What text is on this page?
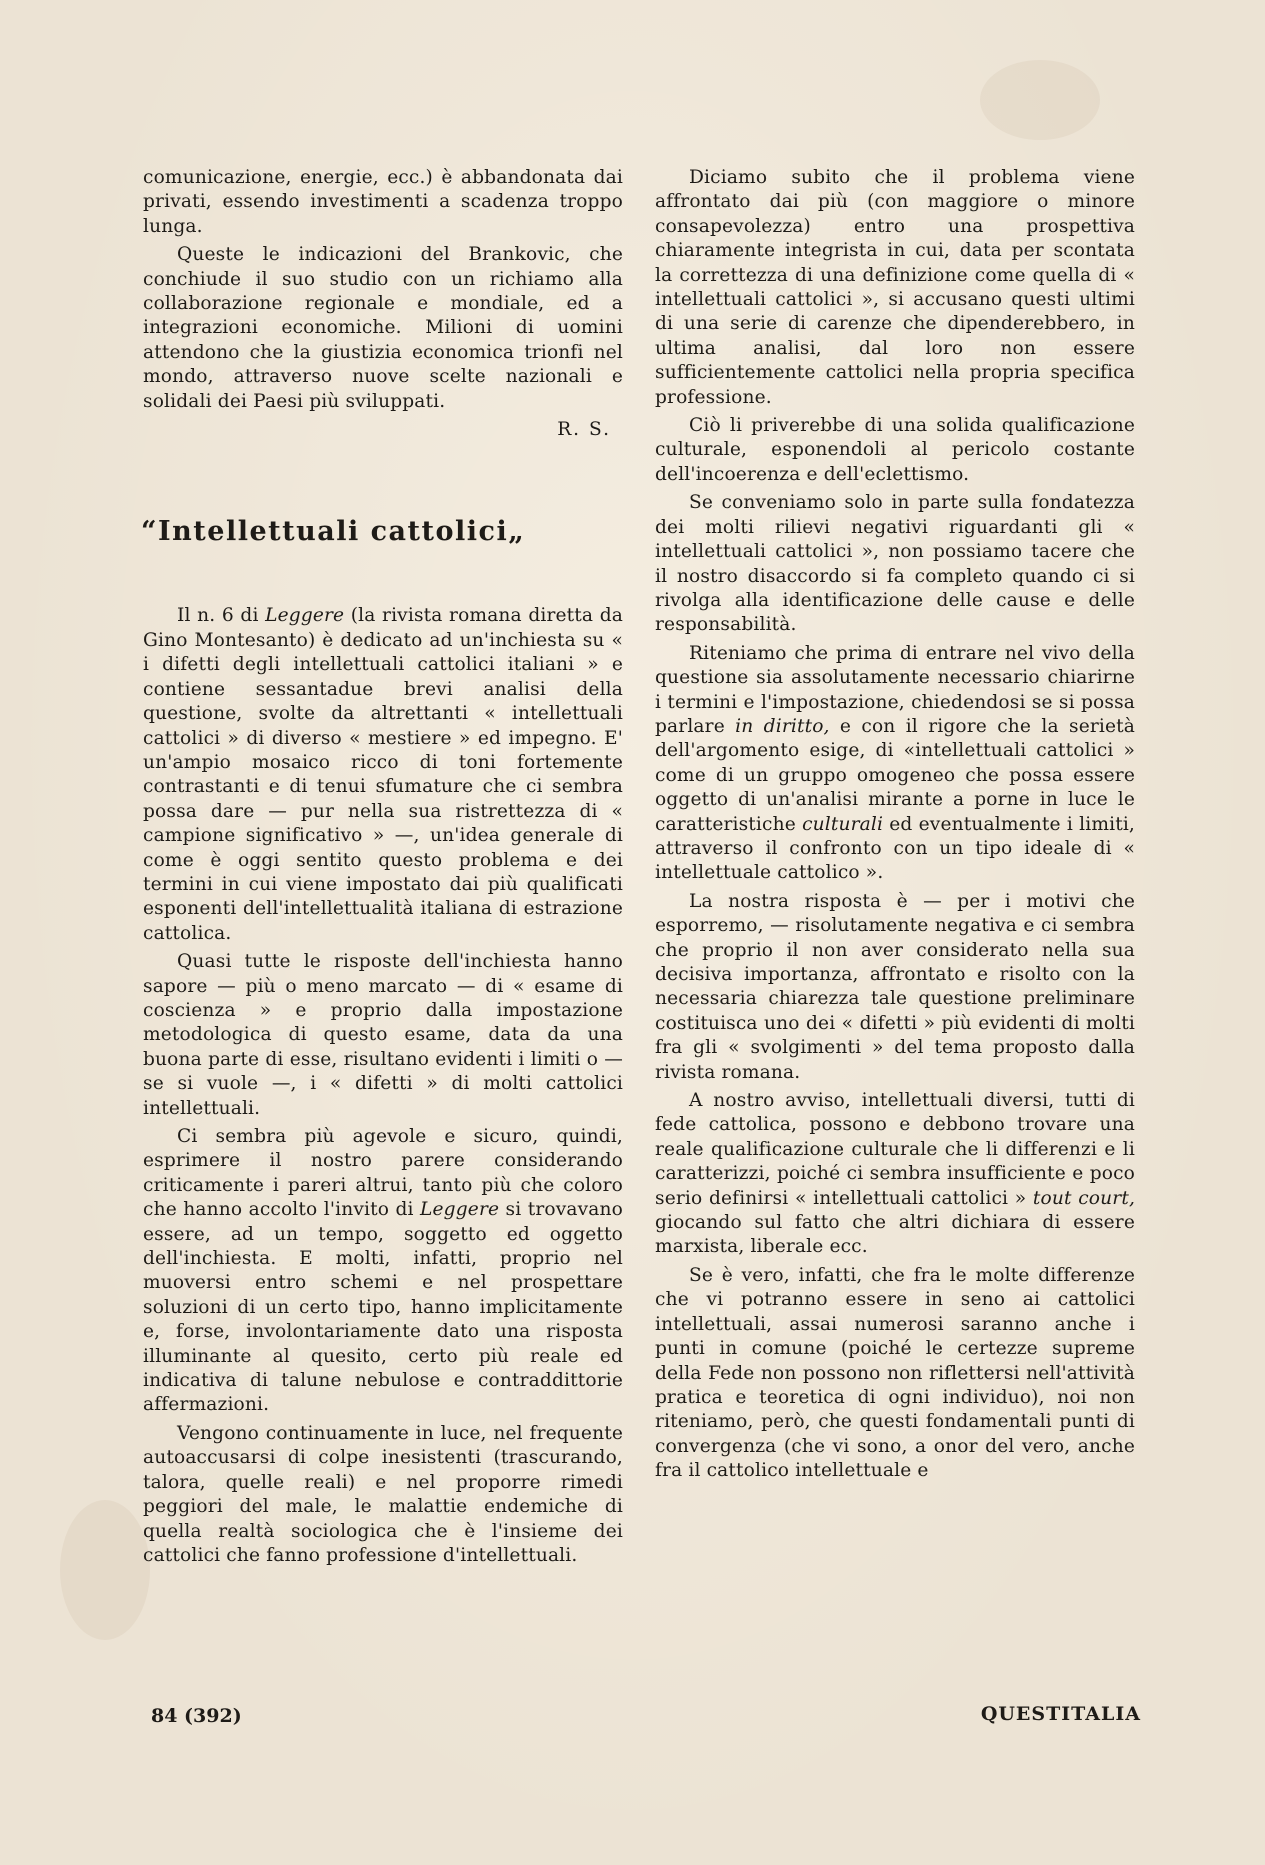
comunicazione, energie, ecc.) è abbandonata dai privati, essendo investimenti a scadenza troppo lunga.

Queste le indicazioni del Brankovic, che conchiude il suo studio con un richiamo alla collaborazione regionale e mondiale, ed a integrazioni economiche. Milioni di uomini attendono che la giustizia economica trionfi nel mondo, attraverso nuove scelte nazionali e solidali dei Paesi più sviluppati.

R. S.
“Intellettuali cattolici„

Il n. 6 di Leggere (la rivista romana diretta da Gino Montesanto) è dedicato ad un'inchiesta su « i difetti degli intellettuali cattolici italiani » e contiene sessantadue brevi analisi della questione, svolte da altrettanti « intellettuali cattolici » di diverso « mestiere » ed impegno. E' un'ampio mosaico ricco di toni fortemente contrastanti e di tenui sfumature che ci sembra possa dare — pur nella sua ristrettezza di « campione significativo » —, un'idea generale di come è oggi sentito questo problema e dei termini in cui viene impostato dai più qualificati esponenti dell'intellettualità italiana di estrazione cattolica.

Quasi tutte le risposte dell'inchiesta hanno sapore — più o meno marcato — di « esame di coscienza » e proprio dalla impostazione metodologica di questo esame, data da una buona parte di esse, risultano evidenti i limiti o — se si vuole —, i « difetti » di molti cattolici intellettuali.

Ci sembra più agevole e sicuro, quindi, esprimere il nostro parere considerando criticamente i pareri altrui, tanto più che coloro che hanno accolto l'invito di Leggere si trovavano essere, ad un tempo, soggetto ed oggetto dell'inchiesta. E molti, infatti, proprio nel muoversi entro schemi e nel prospettare soluzioni di un certo tipo, hanno implicitamente e, forse, involontariamente dato una risposta illuminante al quesito, certo più reale ed indicativa di talune nebulose e contraddittorie affermazioni.

Vengono continuamente in luce, nel frequente autoaccusarsi di colpe inesistenti (trascurando, talora, quelle reali) e nel proporre rimedi peggiori del male, le malattie endemiche di quella realtà sociologica che è l'insieme dei cattolici che fanno professione d'intellettuali.

Diciamo subito che il problema viene affrontato dai più (con maggiore o minore consapevolezza) entro una prospettiva chiaramente integrista in cui, data per scontata la correttezza di una definizione come quella di « intellettuali cattolici », si accusano questi ultimi di una serie di carenze che dipenderebbero, in ultima analisi, dal loro non essere sufficientemente cattolici nella propria specifica professione.

Ciò li priverebbe di una solida qualificazione culturale, esponendoli al pericolo costante dell'incoerenza e dell'eclettismo.

Se conveniamo solo in parte sulla fondatezza dei molti rilievi negativi riguardanti gli « intellettuali cattolici », non possiamo tacere che il nostro disaccordo si fa completo quando ci si rivolga alla identificazione delle cause e delle responsabilità.

Riteniamo che prima di entrare nel vivo della questione sia assolutamente necessario chiarirne i termini e l'impostazione, chiedendosi se si possa parlare in diritto, e con il rigore che la serietà dell'argomento esige, di «intellettuali cattolici » come di un gruppo omogeneo che possa essere oggetto di un'analisi mirante a porne in luce le caratteristiche culturali ed eventualmente i limiti, attraverso il confronto con un tipo ideale di « intellettuale cattolico ».

La nostra risposta è — per i motivi che esporremo, — risolutamente negativa e ci sembra che proprio il non aver considerato nella sua decisiva importanza, affrontato e risolto con la necessaria chiarezza tale questione preliminare costituisca uno dei « difetti » più evidenti di molti fra gli « svolgimenti » del tema proposto dalla rivista romana.

A nostro avviso, intellettuali diversi, tutti di fede cattolica, possono e debbono trovare una reale qualificazione culturale che li differenzi e li caratterizzi, poiché ci sembra insufficiente e poco serio definirsi « intellettuali cattolici » tout court, giocando sul fatto che altri dichiara di essere marxista, liberale ecc.

Se è vero, infatti, che fra le molte differenze che vi potranno essere in seno ai cattolici intellettuali, assai numerosi saranno anche i punti in comune (poiché le certezze supreme della Fede non possono non riflettersi nell'attività pratica e teoretica di ogni individuo), noi non riteniamo, però, che questi fondamentali punti di convergenza (che vi sono, a onor del vero, anche fra il cattolico intellettuale e

84 (392)	QUESTITALIA
